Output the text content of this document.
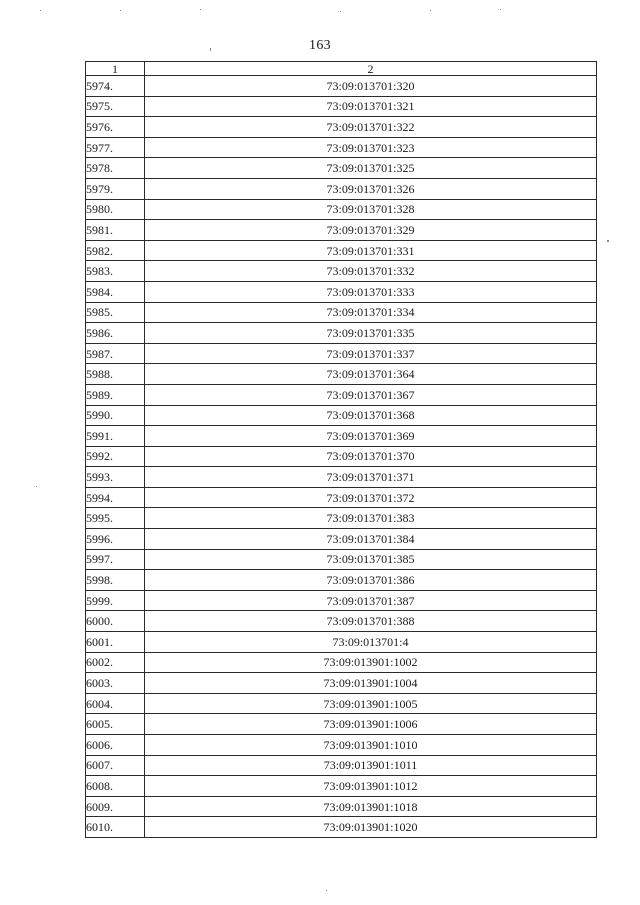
163
1	2
5974.	73:09:013701:320
5975.	73:09:013701:321
5976.	73:09:013701:322
5977.	73:09:013701:323
5978.	73:09:013701:325
5979.	73:09:013701:326
5980.	73:09:013701:328
5981.	73:09:013701:329
5982.	73:09:013701:331
5983.	73:09:013701:332
5984.	73:09:013701:333
5985.	73:09:013701:334
5986.	73:09:013701:335
5987.	73:09:013701:337
5988.	73:09:013701:364
5989.	73:09:013701:367
5990.	73:09:013701:368
5991.	73:09:013701:369
5992.	73:09:013701:370
5993.	73:09:013701:371
5994.	73:09:013701:372
5995.	73:09:013701:383
5996.	73:09:013701:384
5997.	73:09:013701:385
5998.	73:09:013701:386
5999.	73:09:013701:387
6000.	73:09:013701:388
6001.	73:09:013701:4
6002.	73:09:013901:1002
6003.	73:09:013901:1004
6004.	73:09:013901:1005
6005.	73:09:013901:1006
6006.	73:09:013901:1010
6007.	73:09:013901:1011
6008.	73:09:013901:1012
6009.	73:09:013901:1018
6010.	73:09:013901:1020
